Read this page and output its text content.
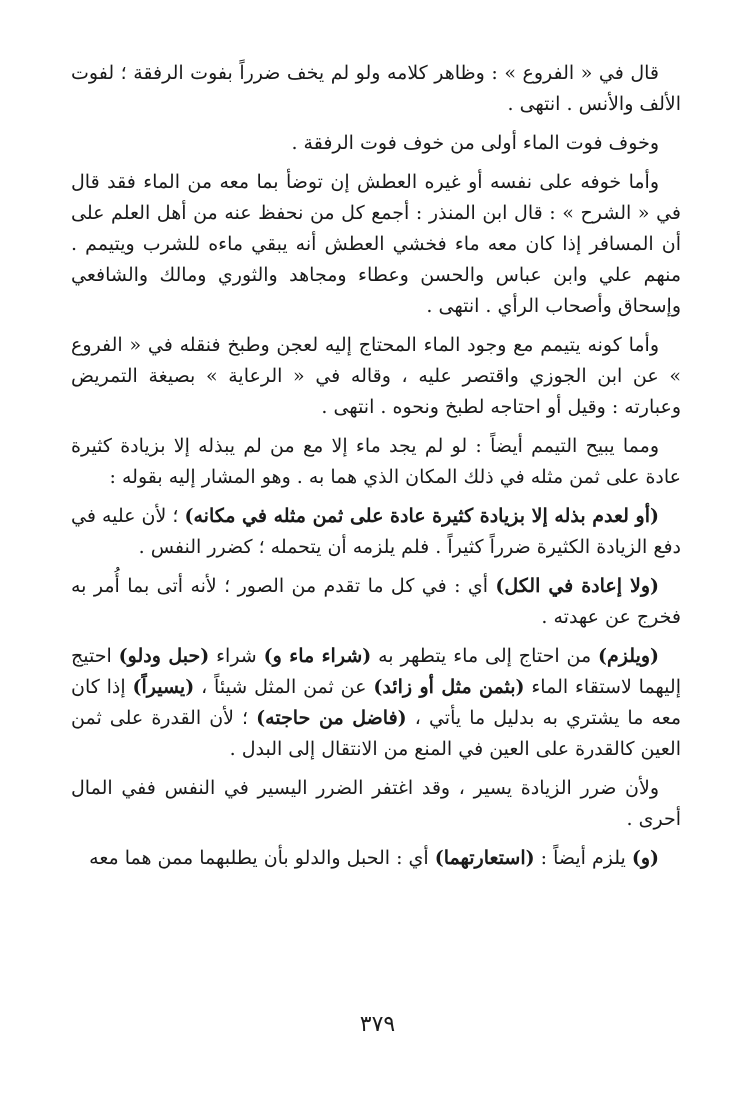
قال في « الفروع » : وظاهر كلامه ولو لم يخف ضرراً بفوت الرفقة ؛ لفوت الألف والأنس . انتهى .

وخوف فوت الماء أولى من خوف فوت الرفقة .

وأما خوفه على نفسه أو غيره العطش إن توضأ بما معه من الماء فقد قال في « الشرح » : قال ابن المنذر : أجمع كل من نحفظ عنه من أهل العلم على أن المسافر إذا كان معه ماء فخشي العطش أنه يبقي ماءه للشرب ويتيمم . منهم علي وابن عباس والحسن وعطاء ومجاهد والثوري ومالك والشافعي وإسحاق وأصحاب الرأي . انتهى .

وأما كونه يتيمم مع وجود الماء المحتاج إليه لعجن وطبخ فنقله في « الفروع » عن ابن الجوزي واقتصر عليه ، وقاله في « الرعاية » بصيغة التمريض وعبارته : وقيل أو احتاجه لطبخ ونحوه . انتهى .

ومما يبيح التيمم أيضاً : لو لم يجد ماء إلا مع من لم يبذله إلا بزيادة كثيرة عادة على ثمن مثله في ذلك المكان الذي هما به . وهو المشار إليه بقوله :

(أو لعدم بذله إلا بزيادة كثيرة عادة على ثمن مثله في مكانه) ؛ لأن عليه في دفع الزيادة الكثيرة ضرراً كثيراً . فلم يلزمه أن يتحمله ؛ كضرر النفس .

(ولا إعادة في الكل) أي : في كل ما تقدم من الصور ؛ لأنه أتى بما أُمر به فخرج عن عهدته .

(ويلزم) من احتاج إلى ماء يتطهر به (شراء ماء و) شراء (حبل ودلو) احتيج إليهما لاستقاء الماء (بثمن مثل أو زائد) عن ثمن المثل شيئاً ، (يسيراً) إذا كان معه ما يشتري به بدليل ما يأتي ، (فاضل من حاجته) ؛ لأن القدرة على ثمن العين كالقدرة على العين في المنع من الانتقال إلى البدل .

ولأن ضرر الزيادة يسير ، وقد اغتفر الضرر اليسير في النفس ففي المال أحرى .

(و) يلزم أيضاً : (استعارتهما) أي : الحبل والدلو بأن يطلبهما ممن هما معه

٣٧٩
